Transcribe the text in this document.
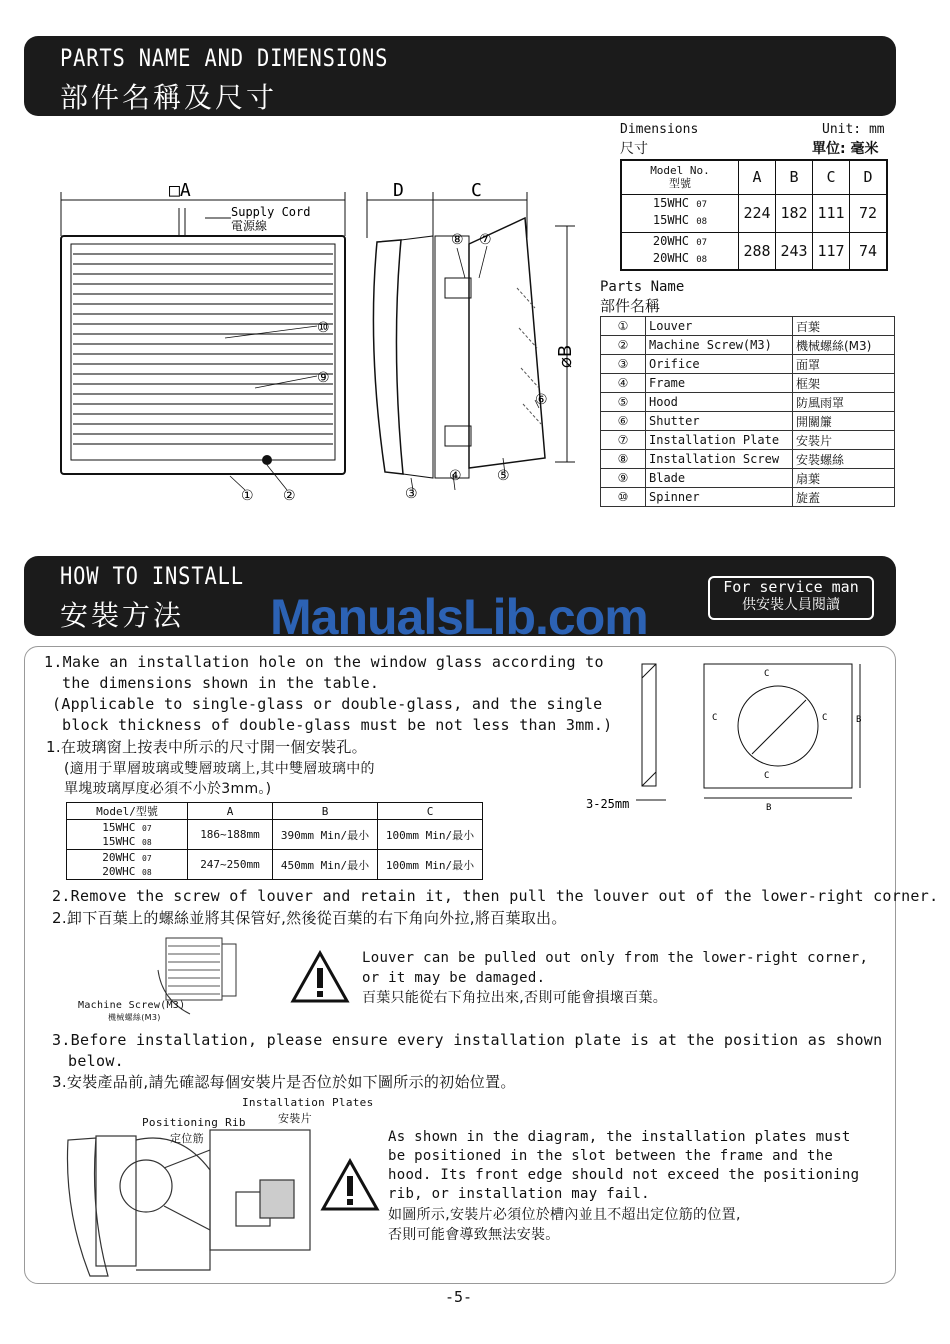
PARTS NAME AND DIMENSIONS
部件名稱及尺寸
□A
Supply Cord
電源線
D	C
⌀B
⑩
⑨
① ②
⑧ ⑦
⑥
③
④	⑤
Dimensions
尺寸
Unit: mm
單位: 毫米
Model No.
型號	A	B	C	D

15WHC 07
15WHC 08	224	182	111	72

20WHC 07
20WHC 08	288	243	117	74
Parts Name
部件名稱
①	Louver	百葉
②	Machine Screw(M3)	機械螺絲(M3)
③	Orifice	面罩
④	Frame	框架
⑤	Hood	防風雨罩
⑥	Shutter	開關簾
⑦	Installation Plate	安裝片
⑧	Installation Screw	安裝螺絲
⑨	Blade	扇葉
⑩	Spinner	旋蓋
HOW TO INSTALL
安裝方法
For service man
供安裝人員閱讀
ManualsLib.com
1.Make an installation hole on the window glass according to
the dimensions shown in the table.
(Applicable to single-glass or double-glass, and the single
block thickness of double-glass must be not less than 3mm.)
1.在玻璃窗上按表中所示的尺寸開一個安裝孔。
(適用于單層玻璃或雙層玻璃上,其中雙層玻璃中的
單塊玻璃厚度必須不小於3mm。)
Model/型號	A	B	C

15WHC 07
15WHC 08	186~188mm	390mm Min/最小	100mm Min/最小

20WHC 07
20WHC 08	247~250mm	450mm Min/最小	100mm Min/最小
3-25mm
C
C	C
C
B
B
2.Remove the screw of louver and retain it, then pull the louver out of the lower-right corner.
2.卸下百葉上的螺絲並將其保管好,然後從百葉的右下角向外拉,將百葉取出。
Machine Screw(M3)
機械螺絲(M3)
Louver can be pulled out only from the lower-right corner,
or it may be damaged.
百葉只能從右下角拉出來,否則可能會損壞百葉。
3.Before installation, please ensure every installation plate is at the position as shown
below.
3.安裝產品前,請先確認每個安裝片是否位於如下圖所示的初始位置。
Positioning Rib
定位筋
Installation Plates
安裝片
As shown in the diagram, the installation plates must
be positioned in the slot between the frame and the
hood. Its front edge should not exceed the positioning
rib, or installation may fail.
如圖所示,安裝片必須位於槽內並且不超出定位筋的位置,
否則可能會導致無法安裝。
-5-
